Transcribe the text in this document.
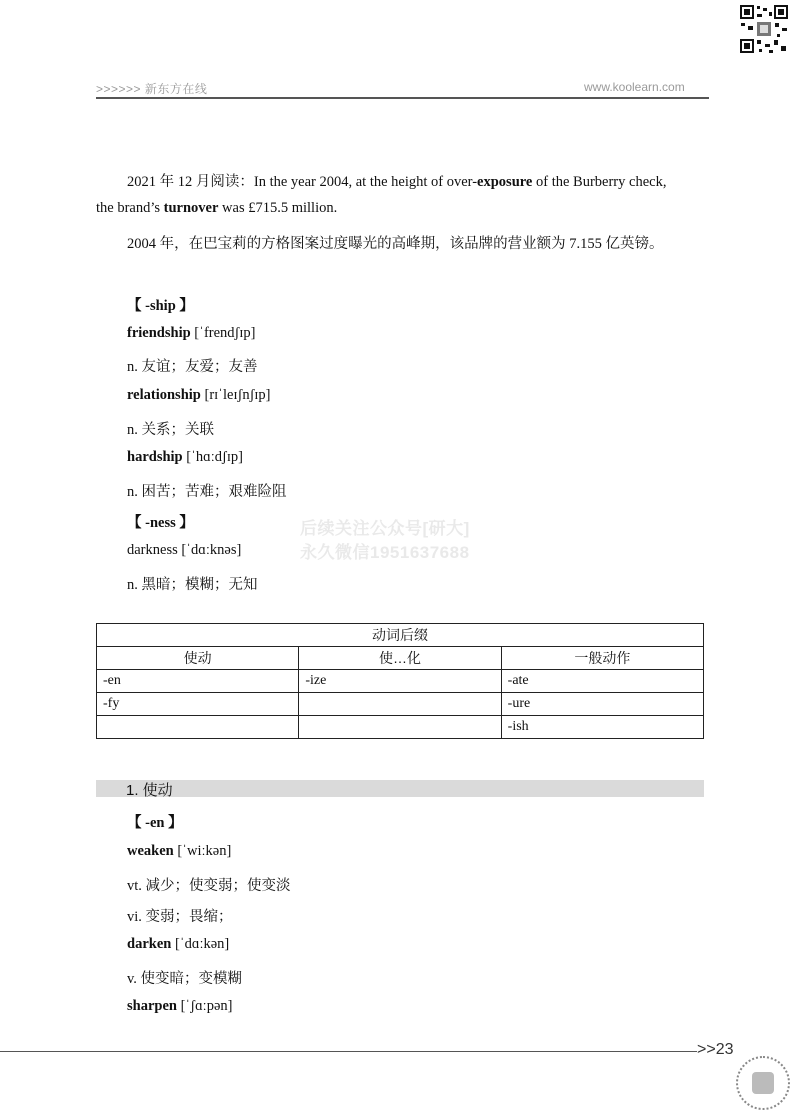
>>>>>> 新东方在线	www.koolearn.com
2021 年 12 月阅读：In the year 2004, at the height of over-exposure of the Burberry check,
the brand’s turnover was £715.5 million.
2004 年，在巴宝莉的方格图案过度曝光的高峰期，该品牌的营业额为 7.155 亿英镑。
【 -ship 】
friendship [ˈfrendʃɪp]
n. 友谊；友爱；友善
relationship [rɪˈleɪʃnʃɪp]
n. 关系；关联
hardship [ˈhɑːdʃɪp]
n. 困苦；苦难；艰难险阻
【 -ness 】
darkness [ˈdɑːknəs]
n. 黑暗；模糊；无知
后续关注公众号[研大]
永久微信1951637688
动词后缀		
使动	使…化	一般动作
-en	-ize	-ate
-fy		-ure
		-ish
1. 使动
【 -en 】
weaken [ˈwiːkən]
vt. 减少；使变弱；使变淡
vi. 变弱；畏缩；
darken [ˈdɑːkən]
v. 使变暗；变模糊
sharpen [ˈʃɑːpən]
>>23
